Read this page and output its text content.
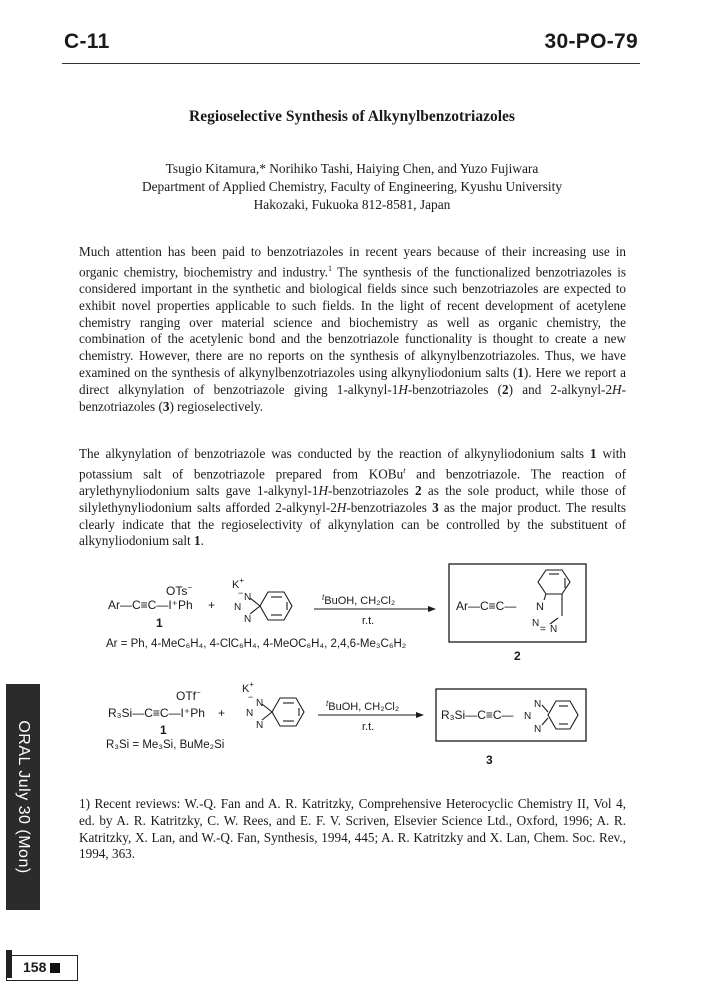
C-11	30-PO-79
Regioselective Synthesis of Alkynylbenzotriazoles
Tsugio Kitamura,* Norihiko Tashi, Haiying Chen, and Yuzo Fujiwara
Department of Applied Chemistry, Faculty of Engineering, Kyushu University
Hakozaki, Fukuoka 812-8581, Japan
Much attention has been paid to benzotriazoles in recent years because of their increasing use in organic chemistry, biochemistry and industry.$^1$ The synthesis of the functionalized benzotriazoles is considered important in the synthetic and biological fields since such benzotriazoles are expected to exhibit novel properties applicable to such fields. In the light of recent development of acetylene chemistry ranging over material science and biochemistry as well as organic chemistry, the combination of the acetylenic bond and the benzotriazole functionality is thought to create a new chemistry. However, there are no reports on the synthesis of alkynylbenzotriazoles. Thus, we have examined on the synthesis of alkynylbenzotriazoles using alkynyliodonium salts (1). Here we report a direct alkynylation of benzotriazole giving 1-alkynyl-1H-benzotriazoles (2) and 2-alkynyl-2H-benzotriazoles (3) regioselectively.
The alkynylation of benzotriazole was conducted by the reaction of alkynyliodonium salts 1 with potassium salt of benzotriazole prepared from KOBu$^t$ and benzotriazole. The reaction of arylethynyliodonium salts gave 1-alkynyl-1H-benzotriazoles 2 as the sole product, while those of silylethynyliodonium salts afforded 2-alkynyl-2H-benzotriazoles 3 as the major product. The results clearly indicate that the regioselectivity of alkynylation can be controlled by the substituent of alkynyliodonium salt 1.
OTs−
Ar—C≡C—I⁺Ph +
1
K+
− N
N
N
$^t$BuOH, CH₂Cl₂
r.t.
Ar—C≡C— N
N
= N
Ar = Ph, 4-MeC₆H₄, 4-ClC₆H₄, 4-MeOC₆H₄, 2,4,6-Me₃C₆H₂
2
OTf−
R₃Si—C≡C—I⁺Ph +
1
K+
−
N
N
N
$^t$BuOH, CH₂Cl₂
r.t.
R₃Si—C≡C— N
N
N
R₃Si = Me₃Si, BuMe₂Si
3
1) Recent reviews: W.-Q. Fan and A. R. Katritzky, Comprehensive Heterocyclic Chemistry II, Vol 4, ed. by A. R. Katritzky, C. W. Rees, and E. F. V. Scriven, Elsevier Science Ltd., Oxford, 1996; A. R. Katritzky, X. Lan, and W.-Q. Fan, Synthesis, 1994, 445; A. R. Katritzky and X. Lan, Chem. Soc. Rev., 1994, 363.
ORAL July 30 (Mon)
158
